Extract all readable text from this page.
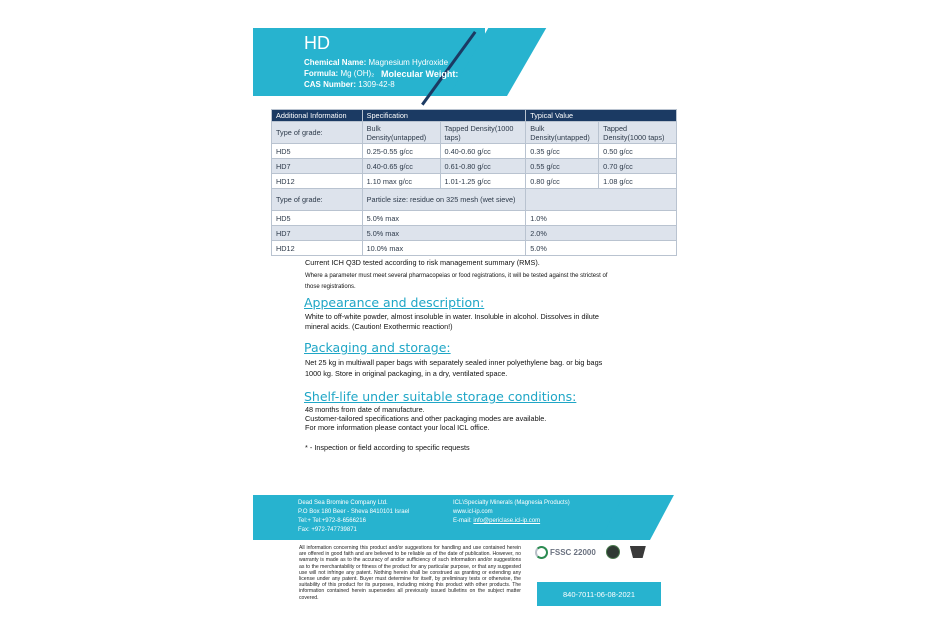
HD
Chemical Name: Magnesium Hydroxide
Formula: Mg (OH)₂ Molecular Weight:
CAS Number: 1309-42-8
Additional Information	Specification		Typical Value	
Type of grade:	Bulk Density(untapped)	Tapped Density(1000 taps)	Bulk Density(untapped)	Tapped Density(1000 taps)
HD5	0.25-0.55 g/cc	0.40-0.60 g/cc	0.35 g/cc	0.50 g/cc
HD7	0.40-0.65 g/cc	0.61-0.80 g/cc	0.55 g/cc	0.70 g/cc
HD12	1.10 max g/cc	1.01-1.25 g/cc	0.80 g/cc	1.08 g/cc
Type of grade:	Particle size: residue on 325 mesh (wet sieve)			
HD5	5.0% max		1.0%	
HD7	5.0% max		2.0%	
HD12	10.0% max		5.0%	
Current ICH Q3D tested according to risk management summary (RMS).
Where a parameter must meet several pharmacopeias or food registrations, it will be tested against the strictest of
those registrations.
Appearance and description:
White to off-white powder, almost insoluble in water. Insoluble in alcohol. Dissolves in dilute
mineral acids. (Caution! Exothermic reaction!)
Packaging and storage:
Net 25 kg in multiwall paper bags with separately sealed inner polyethylene bag. or big bags
1000 kg. Store in original packaging, in a dry, ventilated space.
Shelf-life under suitable storage conditions:
48 months from date of manufacture.
Customer-tailored specifications and other packaging modes are available.
For more information please contact your local ICL office.
* - Inspection or field according to specific requests
Dead Sea Bromine Company Ltd.
P.O Box 180 Beer - Sheva 8410101 Israel
Tel:+ Tel:+972-8-6566216
Fax: +972-747739871
ICL\Specialty Minerals (Magnesia Products)
www.icl-ip.com
E-mail: info@periclase.icl-ip.com
All information concerning this product and/or suggestions for handling and use contained herein are offered in good faith and are believed to be reliable as of the date of publication. However, no warranty is made as to the accuracy of and/or sufficiency of such information and/or suggestions as to the merchantability or fitness of the product for any particular purpose, or that any suggested use will not infringe any patent. Nothing herein shall be construed as granting or extending any license under any patent. Buyer must determine for itself, by preliminary tests or otherwise, the suitability of this product for its purposes, including mixing this product with other products. The information contained herein supersedes all previously issued bulletins on the subject matter covered.
FSSC 22000
840-7011-06-08-2021
